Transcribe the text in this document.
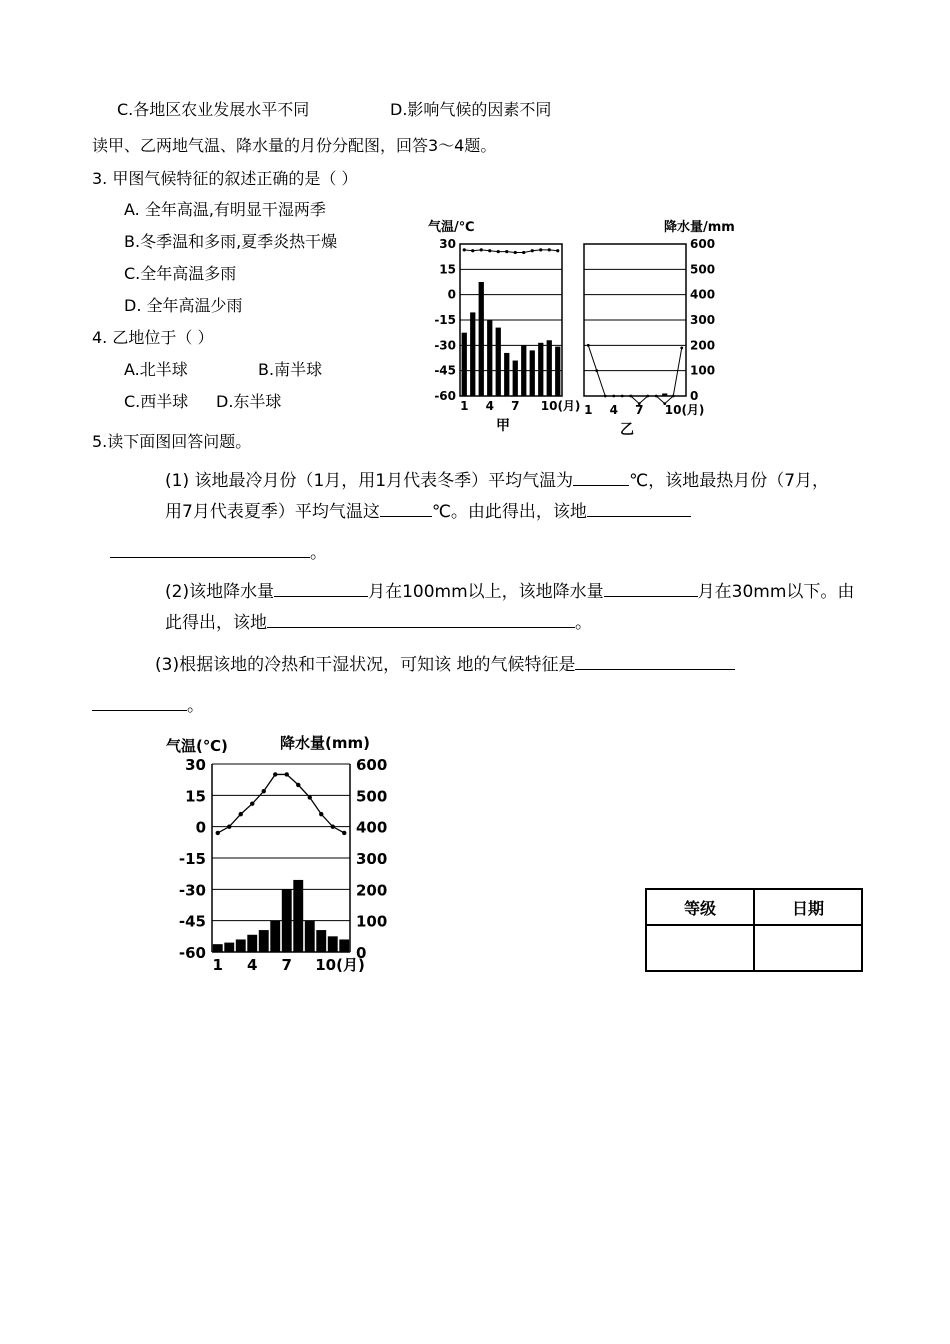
C.各地区农业发展水平不同	D.影响气候的因素不同
读甲、乙两地气温、降水量的月份分配图，回答3～4题。
3. 甲图气候特征的叙述正确的是（ ）
A. 全年高温,有明显干湿两季
B.冬季温和多雨,夏季炎热干燥
C.全年高温多雨
D. 全年高温少雨
4. 乙地位于（ ）
A.北半球	B.南半球
C.西半球 D.东半球
5.读下面图回答问题。
(1) 该地最冷月份（1月，用1月代表冬季）平均气温为	℃，该地最热月份（7月，
用7月代表夏季）平均气温这	℃。由此得出，该地
。
(2)该地降水量	月在100mm以上，该地降水量	月在30mm以下。由
此得出，该地	。
(3)根据该地的冷热和干湿状况，可知该 地的气候特征是
。
气温/℃
30
15
0
-15
-30
-45
-60
1 4 7 10(月)
甲
降水量/mm
600
500
400
300
200
100
0
1 4 7 10(月)
乙
气温(℃)	降水量(mm)
30
15
0
-15
-30
-45
-60
600
500
400
300
200
100
0
1 4 7 10(月)
等级	日期
